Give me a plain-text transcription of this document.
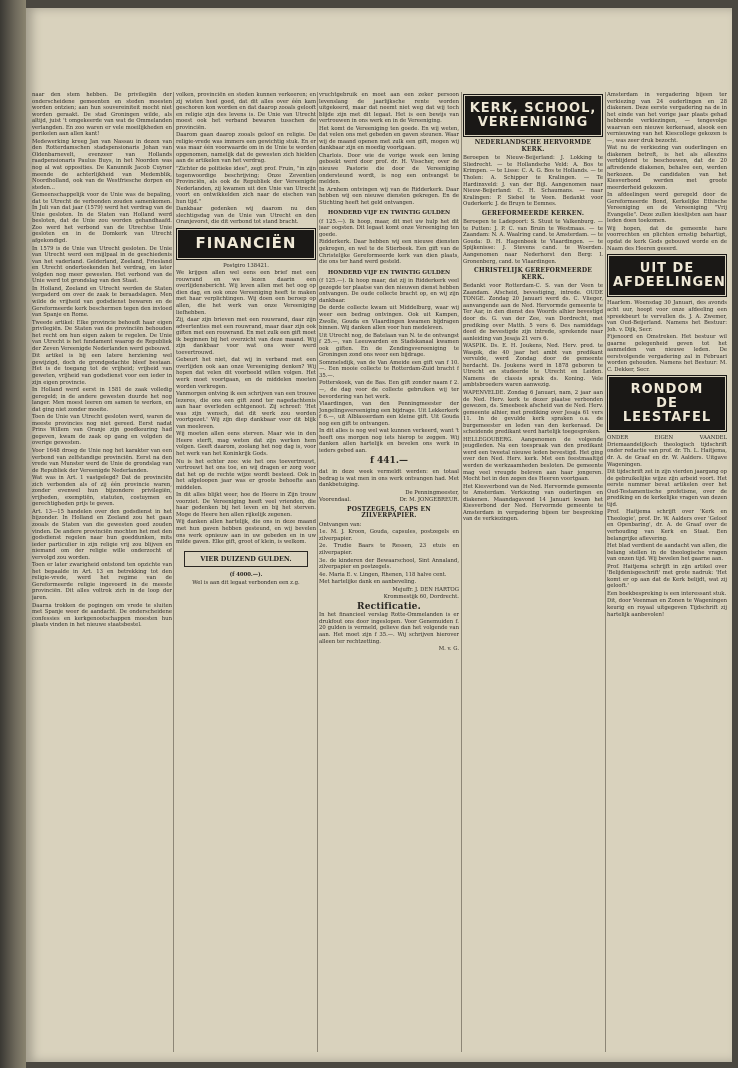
naar den stem hebben. De privilegiën der onderscheidene gemeenten en steden moesten worden ontzien; aan hun souvereiniteit mocht niet worden geraakt. De stad Groningen wilde, als altijd, juist 't omgekeerde van wat de Ommelanden verlangden. En zoo waren er vele moeilijkheden en perikelen aan allen kant!

Medewerking kreeg Jan van Nassau in dezen van den Rotterdamschen stadspensionaris Johan van Oldenbarnevelt, evenzeer van Hollands raadpensionaris Paulus Buys, in het Noorden was nog al wat opposities. De Kanunnik Jacob Cuyner meende de achterlijkheid van Medemblik, Noordholland, ook van de Westfriesche dorpen en steden...

Gemeenschappelijk voor de Unie was de bepaling, dat te Utrecht de verbonden zouden samenkomen. In Juli van dat jaar (1579) werd het verdrag van de Unie gesloten. In de Staten van Holland werd besloten, dat de Unie zou worden gehandhaafd. Zoo werd het verbond van de Utrechtse Unie gesloten en in de Domkerk van Utrecht afgekondigd.

In 1579 is de Unie van Utrecht gesloten. De Unie van Utrecht werd een mijlpaal in de geschiedenis van het vaderland. Gelderland, Zeeland, Friesland en Utrecht onderteekenden het verdrag, en later volgden nog meer gewesten. Het verbond van de Unie werd tot grondslag van den Staat.

In Holland, Zeeland en Utrecht werden de Staten vergaderd om over de zaak te beraadslagen. Men wilde de vrijheid van godsdienst bewaren en de Gereformeerde kerk beschermen tegen den invloed van Spanje en Rome.

Tweede artikel: Elke provincie behoudt haar eigen privilegiën. De Staten van de provinciën behouden het recht om hun eigen zaken te regelen. De Unie van Utrecht is het fundament waarop de Republiek der Zeven Vereenigde Nederlanden werd gebouwd.

Dit artikel is bij een latere herziening wel gewijzigd, doch de grondgedachte bleef bestaan. Het is de toegang tot de vrijheid; vrijheid van geweten, vrijheid van godsdienst voor een ieder in zijn eigen provincie.

In Holland werd eerst in 1581 de zaak volledig geregeld; in de andere gewesten duurde het nog langer. Men moest leeren om samen te werken, en dat ging niet zonder moeite.

Toen de Unie van Utrecht gesloten werd, waren de meeste provincies nog niet gereed. Eerst nadat Prins Willem van Oranje zijn goedkeuring had gegeven, kwam de zaak op gang en volgden de overige gewesten.

Voor 1648 droeg de Unie nog het karakter van een verbond van zelfstandige provinciën. Eerst na den vrede van Munster werd de Unie de grondslag van de Republiek der Vereenigde Nederlanden.

Wat was in Art. 1 vastgelegd? Dat de provinciën zich verbonden als of zij één provincie waren, zonder evenwel hun bijzondere privilegiën, vrijheden, exemptiën, statuten, costuymen en gerechtigheden prijs te geven.

Art. 13—15 handelen over den godsdienst in het bijzonder. In Holland en Zeeland zou het gaan zooals de Staten van die gewesten goed zouden vinden. De andere provinciën mochten het met den godsdienst regelen naar hun goeddunken, mits ieder particulier in zijn religie vrij zou blijven en niemand om der religie wille onderzocht of vervolgd zou worden.

Toen er later zwarigheid ontstond ten opzichte van het bepaalde in Art. 13 en betrekking tot den religie-vrede, werd het regime van de Gereformeerde religie ingevoerd in de meeste provinciën. Dit alles voltrok zich in de loop der jaren.

Daarna trokken de pogingen om vrede te sluiten met Spanje weer de aandacht. De onderscheidene confessies en kerkgenootschappen moesten hun plaats vinden in het nieuwe staatsbestel.

volken, provinciën en steden kunnen verkeeren; en zij wisten heel goed, dat dit alles over één kam geschoren kon worden en dat daarop zooals gelooft en religie zijn des levens is. De Unie van Utrecht moest ook het verband bewaren tusschen de provinciën.

Daarom gaan daarop zooals geloof en religie. De religie-vrede was immers een gewichtig stuk. En er was maar één voorwaarde om in de Unie te worden opgenomen, namelijk dat de gewesten zich hielden aan de artikelen van het verdrag.

"Zichter de politieke idee", zegt prof. Fruin, "in zijn tegenwoordige beschrijving; Onze Zeventien Provinciën, als ook de Republiek der Vereenigde Nederlanden, zij kwamen uit den Unie van Utrecht voort en ontwikkelden zich naar de eischen van hun tijd."

Dankbaar gedenken wij daarom nu den slechtigsdag van de Unie van Utrecht en den Oranjevorst, die dit verbond tot stand bracht.

FINANCIËN

Postgiro 138421.

We krijgen allen wel eens een brief met een rouwrand en we lezen daarin een overlijdensbericht. Wij leven allen met het oog op dien dag, en ook onze Vereeniging heeft te maken met haar verplichtingen. Wij doen een beroep op allen, die het werk van onze Vereeniging liefhebben.

Zij, daar zijn brieven met een rouwrand, daar zijn advertenties met een rouwrand, maar daar zijn ook giften met een rouwrand. En met zulk een gift moet ik beginnen bij het overzicht van deze maand. Wij zijn dankbaar voor wat ons weer werd toevertrouwd.

Gebeurt het niet, dat wij in verband met een overlijden ook aan onze Vereeniging denken? Wij hopen dat velen dit voorbeeld willen volgen. Het werk moet voortgaan, en de middelen moeten worden verkregen.

Vanmorgen ontving ik een schrijven van een trouwe lezeres, die ons een gift zond ter nagedachtenis aan haar overleden echtgenoot. Zij schreef: 'Het was zijn wensch, dat dit werk zou worden voortgezet.' Wij zijn diep dankbaar voor dit blijk van meeleven.

Wij moeten allen eens sterven. Maar wie in den Heere sterft, mag weten dat zijn werken hem volgen. Geeft daarom, zoolang het nog dag is, voor het werk van het Koninkrijk Gods.

Nu is het echter zoo: wie het ons toevertrouwt, vertrouwt het ons toe, en wij dragen er zorg voor dat het op de rechte wijze wordt besteed. Ook in het afgeloopen jaar was er groote behoefte aan middelen.

In dit alles blijkt weer, hoe de Heere in Zijn trouw voorziet. De Vereeniging heeft veel vrienden, die haar gedenken bij het leven en bij het sterven. Moge de Heere hen allen rijkelijk zegenen.

Wij danken allen hartelijk, die ons in deze maand met hun gaven hebben gesteund, en wij bevelen ons werk opnieuw aan in uw gebeden en in uw milde gaven. Elke gift, groot of klein, is welkom.

VIER DUIZEND GULDEN.

(f 4000.—).

Wel is aan dit legaat verbonden een z.g.

vruchtgebruik en moet aan een zeker persoon levenslang de jaarlijksche rente worden uitgekeerd, maar dat neemt niet weg dat wij toch blijde zijn met dit legaat. Het is een bewijs van vertrouwen in ons werk en in de Vereeniging.

Het komt de Vereeniging ten goede. En wij weten, dat velen ons met gebeden en gaven steunen. Waar wij de maand openen met zulk een gift, mogen wij dankbaar zijn en moedig voortgaan.

Charlois. Door wie de vorige week een lening geboekt werd door prof. dr. H. Visscher, over de nieuwe Pastorie die door de Vereeniging ondersteund wordt, is nog een ontvangst te melden.

In Arnhem ontvingen wij van de Ridderkerk. Daar hebben wij een nieuwe diensten gekregen. En de Stichting heeft het geld ontvangen.

HONDERD VIJF EN TWINTIG GULDEN

(f 125.—). Ik hoop, maar, dit met uw hulp het dit jaar oogsten. Dit legaat komt onze Vereeniging ten goede.

Ridderkerk. Daar hebben wij een nieuwe diensten gekregen, en wel te de Stierbeek. Een gift van de Christelijke Gereformeerde kerk van dien plaats, die ons ter hand werd gesteld.

HONDERD VIJF EN TWINTIG GULDEN

(f 125.—). Ik hoop maar, dat zij in Ridderkerk veel gezegde ter plaatse van den nieuwen dienst hebben ontvangen. De oude collecte bracht op, en wij zijn dankbaar.

De derde collecte kwam uit Middelburg, waar wij weer een bedrag ontvingen. Ook uit Kampen, Zwolle, Gouda en Vlaardingen kwamen bijdragen binnen. Wij danken allen voor hun medeleven.

Uit Utrecht nog, de Batelaan van N. te de ontvangst f 25.—, van Leeuwarden en Stadskanaal kwamen ook giften. En de Zendingsvereeniging te Groningen zond ons weer een bijdrage.

Sommelsdijk, van de Van Ameide een gift van f 10.—. Een mooie collecte te Rotterdam-Zuid bracht f 35.—.

Potterskoek, van de Bas. Een gift zonder naam f 2.—, de dag voor de collecte gebruiken wij ter bevordering van het werk.

Vlaardingen, van den Penningmeester der Jongelingsvereeniging een bijdrage. Uit Lekkerkerk f 6.—, uit Alblasserdam een kleine gift. Uit Gouda nog een gift te ontvangen.

In dit alles is nog wel wat kunnen verkeerd, want 't heeft ons morgen nog iets hierop te zeggen. Wij danken allen hartelijk en bevelen ons werk in ieders gebed aan.

f 441.—

dat in deze week vermeldt werden: en totaal bedrag is wat men in ons werk ontvangen had. Met dankbetuiging.

De Penningmeester,

Voorendaal.	Dr. M. JONGEBREUR.

POSTZEGELS, CAPS EN ZILVERPAPIER.

Ontvangen van:

1e. M. J. Kroon, Gouda, capsules, postzegels en zilverpapier.

2e. Trudie Baars te Ressen, 23 etuis en zilverpapier.

3e. de kinderen der Bewaarschool, Sint Annaland, zilverpapier en postzegels.

4e. Maria E. v. Lingen, Rhenen, 118 halve cent.

Met hartelijke dank en aanbeveling.

Mejuffr. J. DEN HARTOG

Krommestijk 60, Dordrecht.

Rectificatie.

In het financieel verslag Rotte-Ommelanden is er drukfout ons door ingeslopen. Voor Genemuiden f. 20 gulden is vermeld, gelieve dan het volgende van aan. Het moet zijn f 35.—. Wij schrijven hierover alleen ter rechtzetting.

M. v. G.

KERK, SCHOOL,
VEREENIGING

NEDERLANDSCHE HERVORMDE KERK.

Beroepen te Nieuw-Beijerland: J. Lokking te Sliedrecht. — te Hollandsche Veld: A. Bos te Krimpen. — te Lisse: C. A. G. Bos te Hollands. — te Tholen: A. Schipper te Kralingen. — Te Hardinxveld: J. van der Bijl. Aangenomen naar Nieuw-Beijerland: C. H. Schaumans. — naar Kralingen: P. Siebel te Veen. Bedankt voor Ouderkerk: J. de Bruyn te Eemnes.

GEREFORMEERDE KERKEN.

Beroepen te Ladepoort: S. Stuut te Valkenburg. — te Putten: J. P. C. van Bruin te Westmaas. — te Zaandam: N. A. Waalring cand. te Amsterdam. — te Gouda: D. H. Hagenbeek te Vlaardingen. — te Spijkenisse: J. Stevens cand. te Woerden. Aangenomen naar Nederhorst den Berg: I. Gronenberg, cand. te Vlaardingen.

CHRISTELIJK GEREFORMEERDE KERK.

Bedankt voor Rotterdam-C. S. van der Veen te Zaandam. Afscheid, bevestiging, intrede. OUDE TONGE. Zondag 20 Januari werd ds. C. Vlieger, aanvangende aan de Ned. Hervormde gemeente te Ter Aar, in den dienst des Woords alhier bevestigd door ds. G. van der Zee, van Dordrecht, met prediking over Matth. 5 vers 6. Des namiddags deed de bevestigde zijn intrede, sprekende naar aanleiding van Jesaja 21 vers 6.

WASPIK. Ds. E. H. Joukens, Ned. Herv. pred. te Waspik, die 40 jaar het ambt van predikant vervulde, werd Zondag door de gemeente herdacht. Ds. Joukens werd in 1878 geboren te Utrecht en studeerde te Utrecht en Leiden. Namens de classis sprak ds. Koning. Vele ambtsbroeders waren aanwezig.

WAPENVELDE. Zondag 6 Januari, nam, 2 jaar aan de Ned. Herv. kerk te dezer plaatse verbonden gewezen, ds. Smeebeek afscheid van de Ned. Herv. gemeente alhier, met prediking over Jesaja 61 vers 11. In de gevulde kerk spraken o.a. de burgemeester en leden van den kerkeraad. De scheidende predikant werd hartelijk toegesproken.

HELLEGOUBERG. Aangenomen de volgende jeugdleden. Na een toespraak van den predikant werd een tweetal nieuwe leden bevestigd. Het ging over den Ned. Herv. kerk. Met een feestmaaltijd werden de werkzaamheden besloten. De gemeente mag veel vreugde beleven aan haar jongeren. Mocht het in den zegen des Heeren voortgaan.

Het Kiesverbond van de Ned. Hervormde gemeente te Amsterdam. Verkiezing van ouderlingen en diakenen. Maandagavond 14 Januari kwam het Kiesverbond der Ned. Hervormde gemeente te Amsterdam in vergadering bijeen ter bespreking van de verkiezingen.

Amsterdam in vergadering bijeen ter verkiezing van 24 ouderlingen en 28 diakenen. Deze eerste vergadering na de in het einde van het vorige jaar plaats gehad hebbende verkiezingen, — tengevolge waarvan een nieuwe kerkeraad, alsook een vernieuwing van het Kiescollege gekozen is —, was zeer druk bezocht.

Wat nu de verkiezing van ouderlingen en diakenen betreft, is het als alleszins verblijdend te beschouwen, dat de 20 aftredende diakenen, behalve een, werden herkozen. De candidaten van het Kiesverbond werden met groote meerderheid gekozen.

In afdeelingen werd geregeld door de Gereformeerde Bond, Kerkelijke Ethische Vereeniging en de Vereeniging "Vrij Evangelie". Deze zullen kieslijsten aan haar leden doen toekomen.

Wij hopen, dat de gemeente hare voorrechten en plichten ernstig behartigt, opdat de kerk Gods gebouwd worde en de Naam des Heeren geeerd.

UIT DE
AFDEELINGEN

Haarlem. Woensdag 30 Januari, des avonds acht uur, hoopt voor onze afdeeling een spreekbeurt te vervullen ds. J. A. Zwemer, van Oud-Beijerland. Namens het Bestuur: Joh. v. Dijk, Secr.

Fijenoord en Omstreken. Het bestuur wil gaarne gelegenheid geven tot het aanmelden van nieuwe leden. De eerstvolgende vergadering zal in Februari worden gehouden. Namens het Bestuur: M. C. Dekker, Secr.

RONDOM
DE LEESTAFEL

ONDER EIGEN VAANDEL Driemaandelijksch theologisch tijdschrift onder redactie van prof. dr. Th. L. Haitjema, dr. A. de Graaf en dr. W. Aalders. Uitgave Wageningen.

Dit tijdschrift zet in zijn vierden jaargang op de gebruikelijke wijze zijn arbeid voort. Het eerste nummer bevat artikelen over het Oud-Testamentische profetisme, over de prediking en de kerkelijke vragen van dezen tijd.

Prof. Haitjema schrijft over 'Kerk en Theologie', prof. Dr. W. Aalders over 'Geloof en Openbaring', dr. A. de Graaf over de verhouding van Kerk en Staat. Een belangrijke aflevering.

Het blad verdient de aandacht van allen, die belang stellen in de theologische vragen van onzen tijd. Wij bevelen het gaarne aan.

Prof. Haitjema schrijft in zijn artikel over 'Belijdenisgeschrift' met grote nadruk: 'Het komt er op aan dat de Kerk belijdt, wat zij gelooft.'

Een boekbespreking is een interessant stuk.

Dit, door Veenman en Zonen te Wageningen keurig en royaal uitgegeven Tijdschrift zij hartelijk aanbevolen!
